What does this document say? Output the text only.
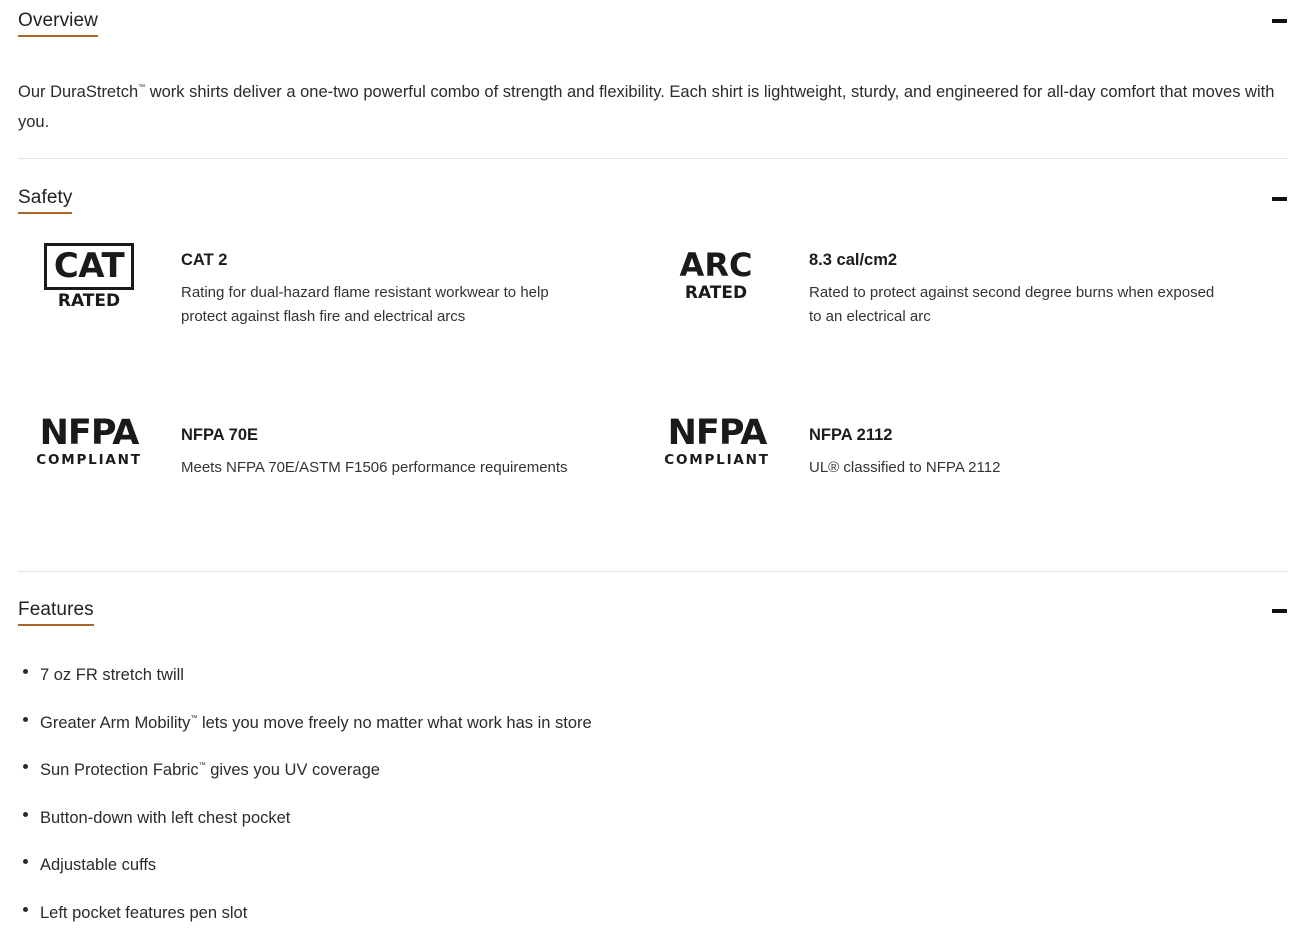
Overview

Our DuraStretch™ work shirts deliver a one-two powerful combo of strength and flexibility. Each shirt is lightweight, sturdy, and engineered for all-day comfort that moves with you.

Safety
CAT
RATED
CAT 2
Rating for dual-hazard flame resistant workwear to help protect against flash fire and electrical arcs
ARC
RATED
8.3 cal/cm2
Rated to protect against second degree burns when exposed to an electrical arc
NFPA
COMPLIANT
NFPA 70E
Meets NFPA 70E/ASTM F1506 performance requirements
NFPA
COMPLIANT
NFPA 2112
UL® classified to NFPA 2112
Features
7 oz FR stretch twill
Greater Arm Mobility™ lets you move freely no matter what work has in store
Sun Protection Fabric™ gives you UV coverage
Button-down with left chest pocket
Adjustable cuffs
Left pocket features pen slot
